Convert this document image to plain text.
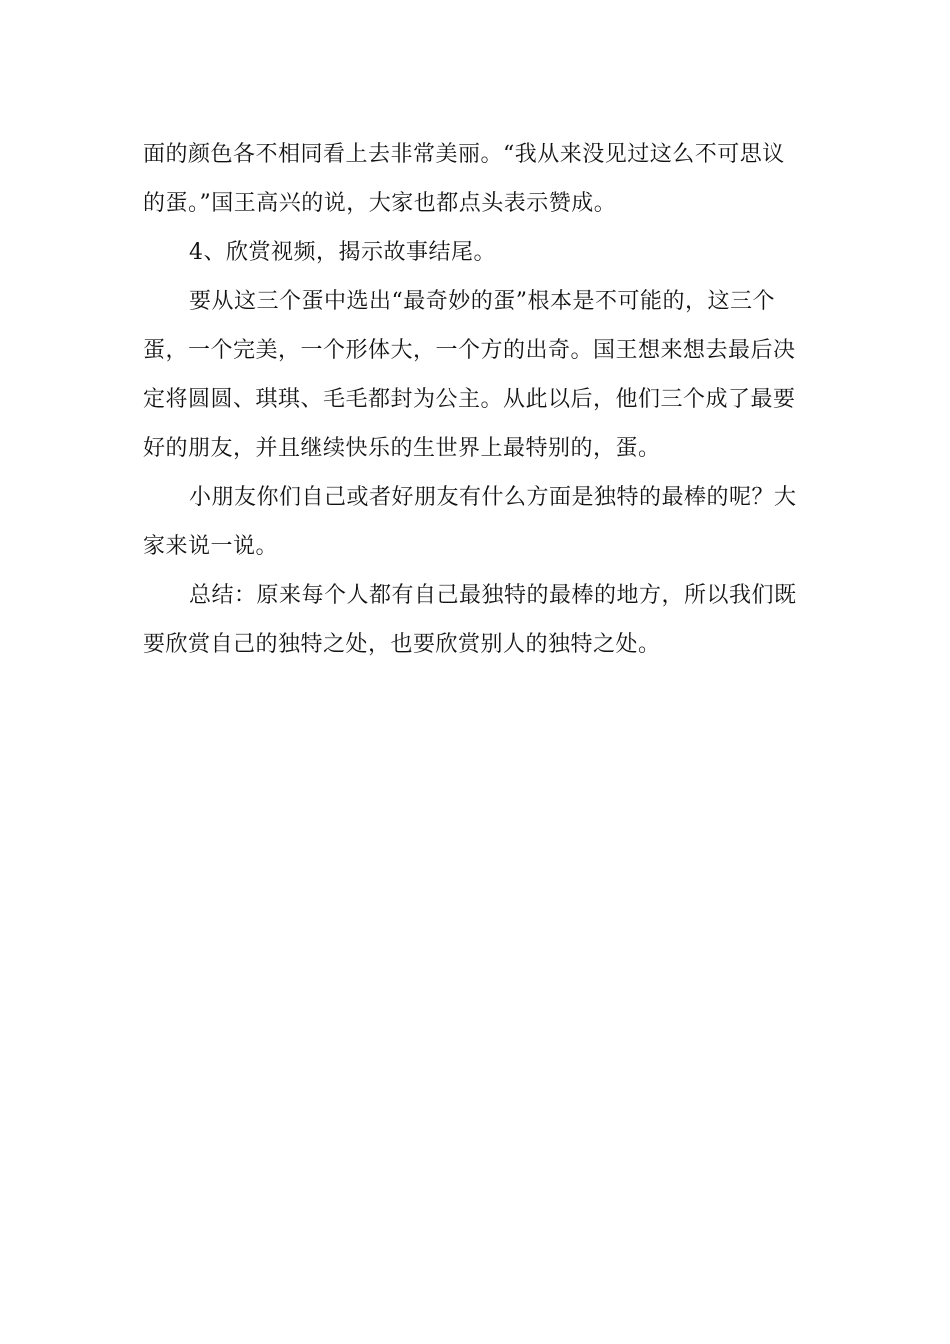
面的颜色各不相同看上去非常美丽。“我从来没见过这么不可思议
的蛋。”国王高兴的说，大家也都点头表示赞成。

4、欣赏视频，揭示故事结尾。

要从这三个蛋中选出“最奇妙的蛋”根本是不可能的，这三个
蛋，一个完美，一个形体大，一个方的出奇。国王想来想去最后决
定将圆圆、琪琪、毛毛都封为公主。从此以后，他们三个成了最要
好的朋友，并且继续快乐的生世界上最特别的，蛋。

小朋友你们自己或者好朋友有什么方面是独特的最棒的呢？大
家来说一说。

总结：原来每个人都有自己最独特的最棒的地方，所以我们既
要欣赏自己的独特之处，也要欣赏别人的独特之处。
